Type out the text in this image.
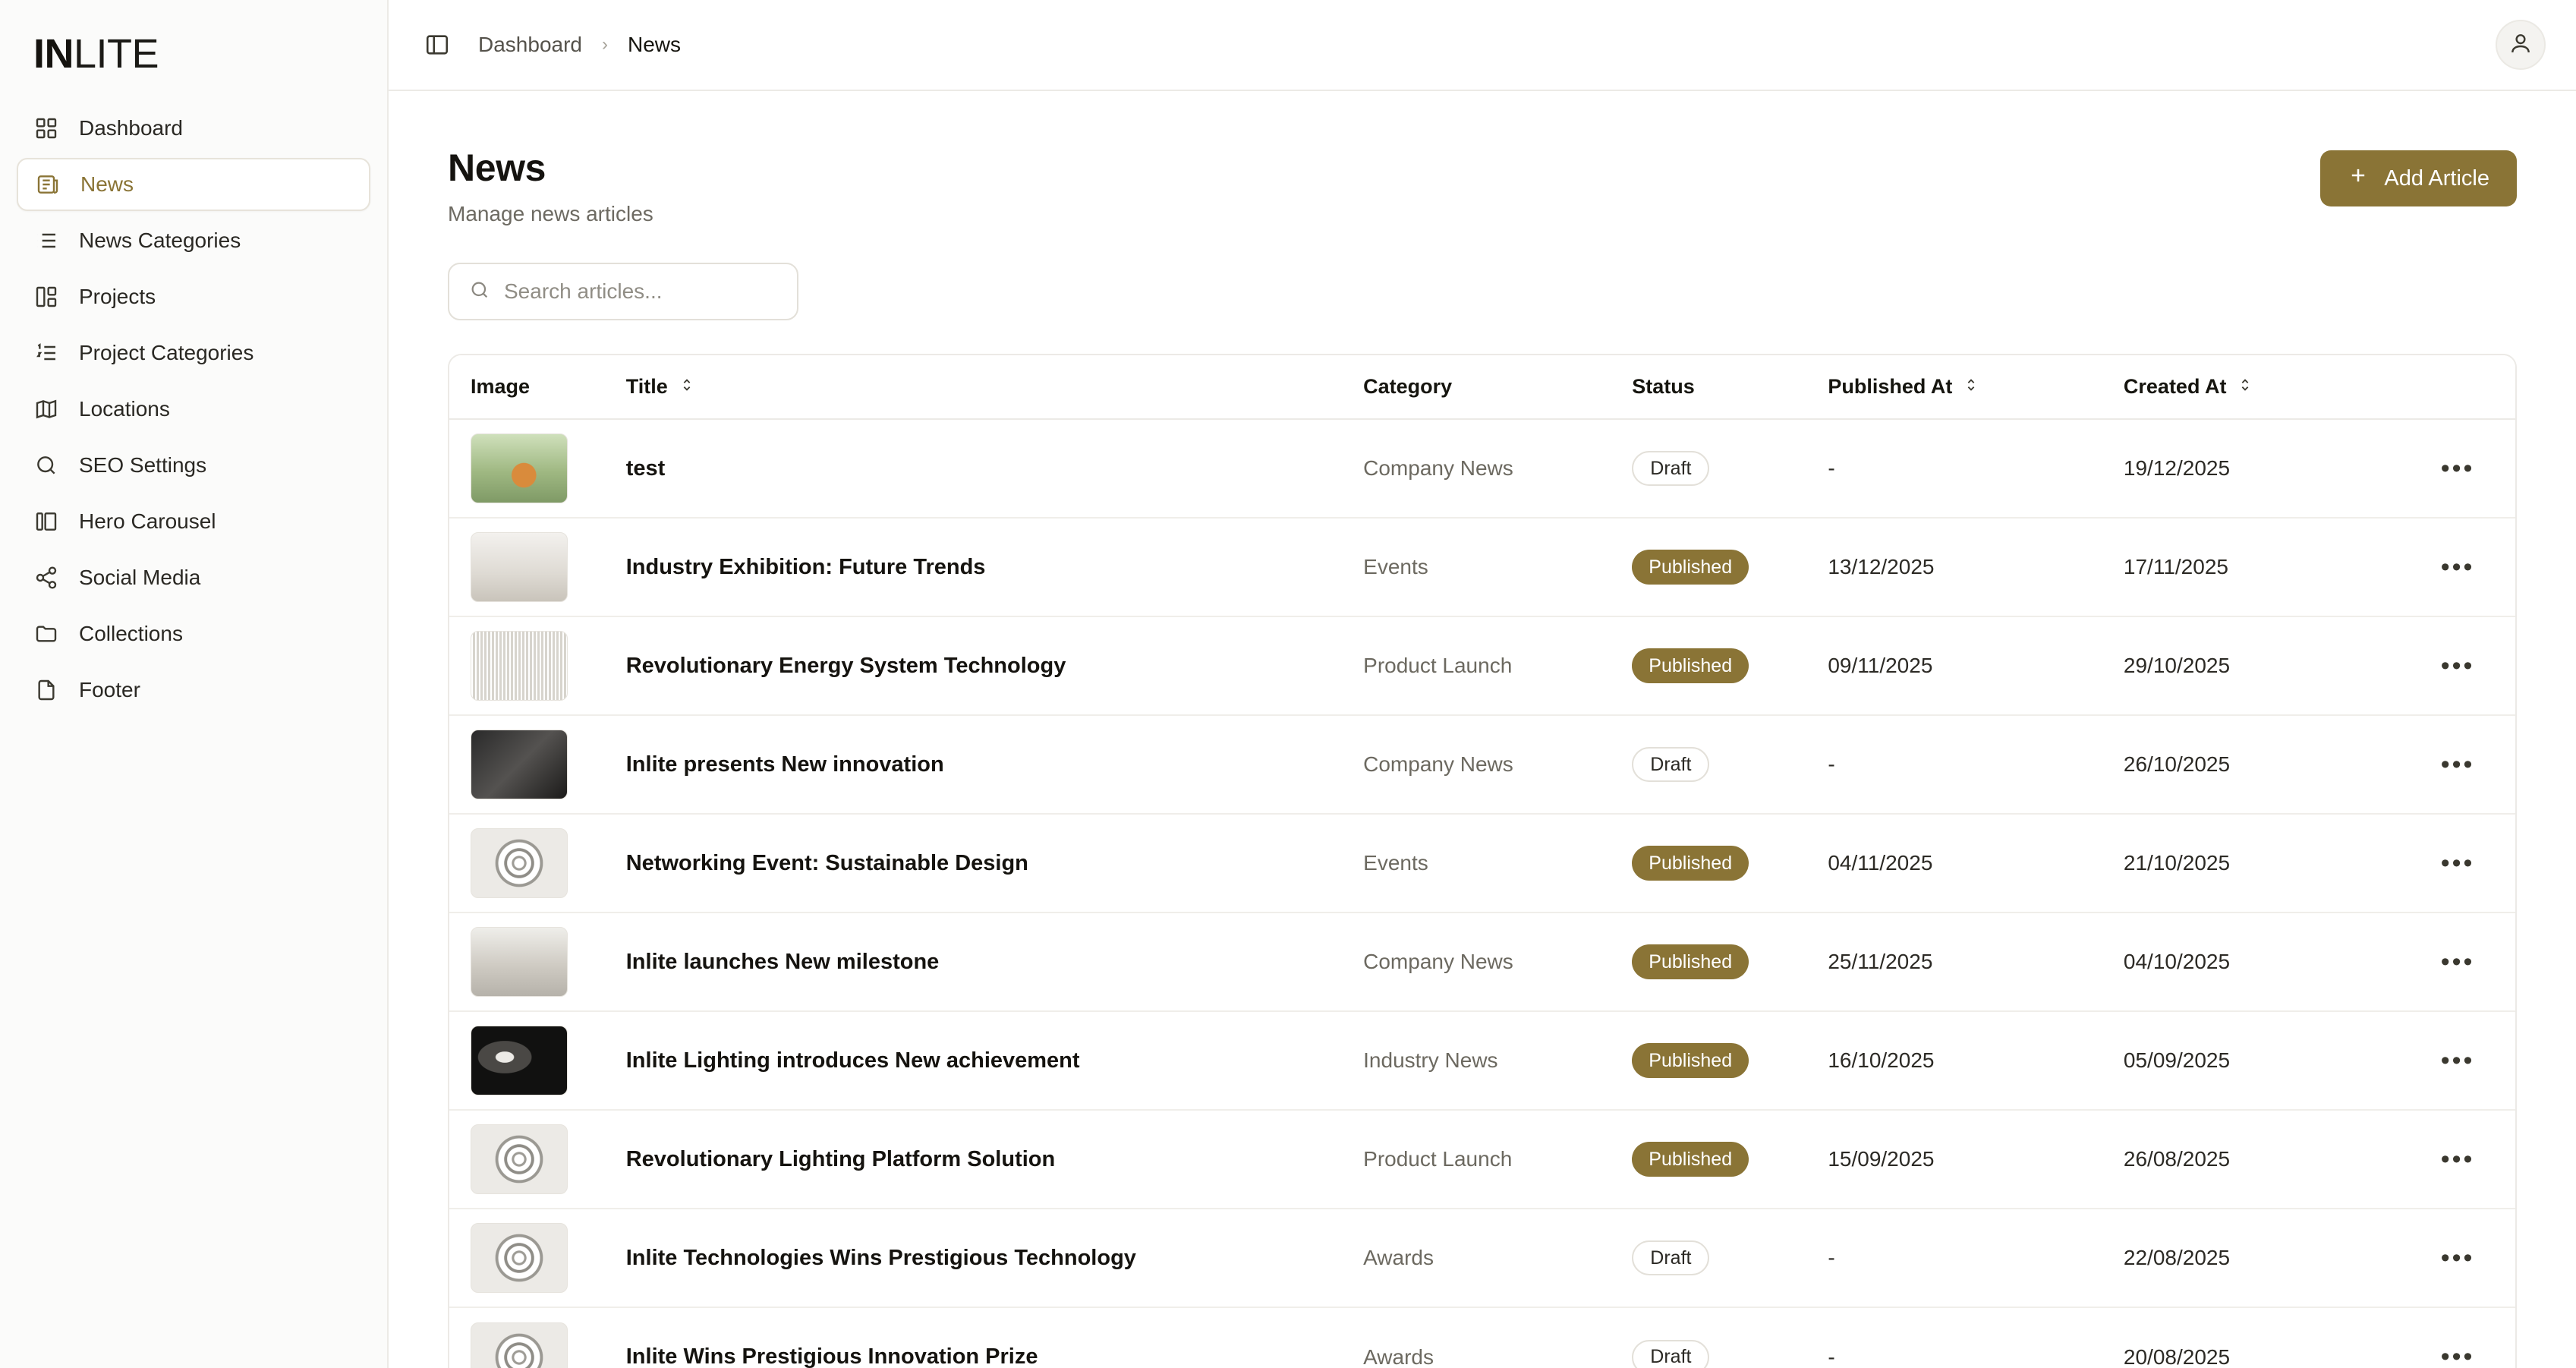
INLITE
Dashboard
News
News Categories
Projects
Project Categories
Locations
SEO Settings
Hero Carousel
Social Media
Collections
Footer
Dashboard › News
News
Manage news articles
Add Article
Search articles...
Image	Title	Category	Status	Published At	Created At	

	test	Company News	Draft	-	19/12/2025	•••

	Industry Exhibition: Future Trends	Events	Published	13/12/2025	17/11/2025	•••

	Revolutionary Energy System Technology	Product Launch	Published	09/11/2025	29/10/2025	•••

	Inlite presents New innovation	Company News	Draft	-	26/10/2025	•••

	Networking Event: Sustainable Design	Events	Published	04/11/2025	21/10/2025	•••

	Inlite launches New milestone	Company News	Published	25/11/2025	04/10/2025	•••

	Inlite Lighting introduces New achievement	Industry News	Published	16/10/2025	05/09/2025	•••

	Revolutionary Lighting Platform Solution	Product Launch	Published	15/09/2025	26/08/2025	•••

	Inlite Technologies Wins Prestigious Technology	Awards	Draft	-	22/08/2025	•••

	Inlite Wins Prestigious Innovation Prize	Awards	Draft	-	20/08/2025	•••
